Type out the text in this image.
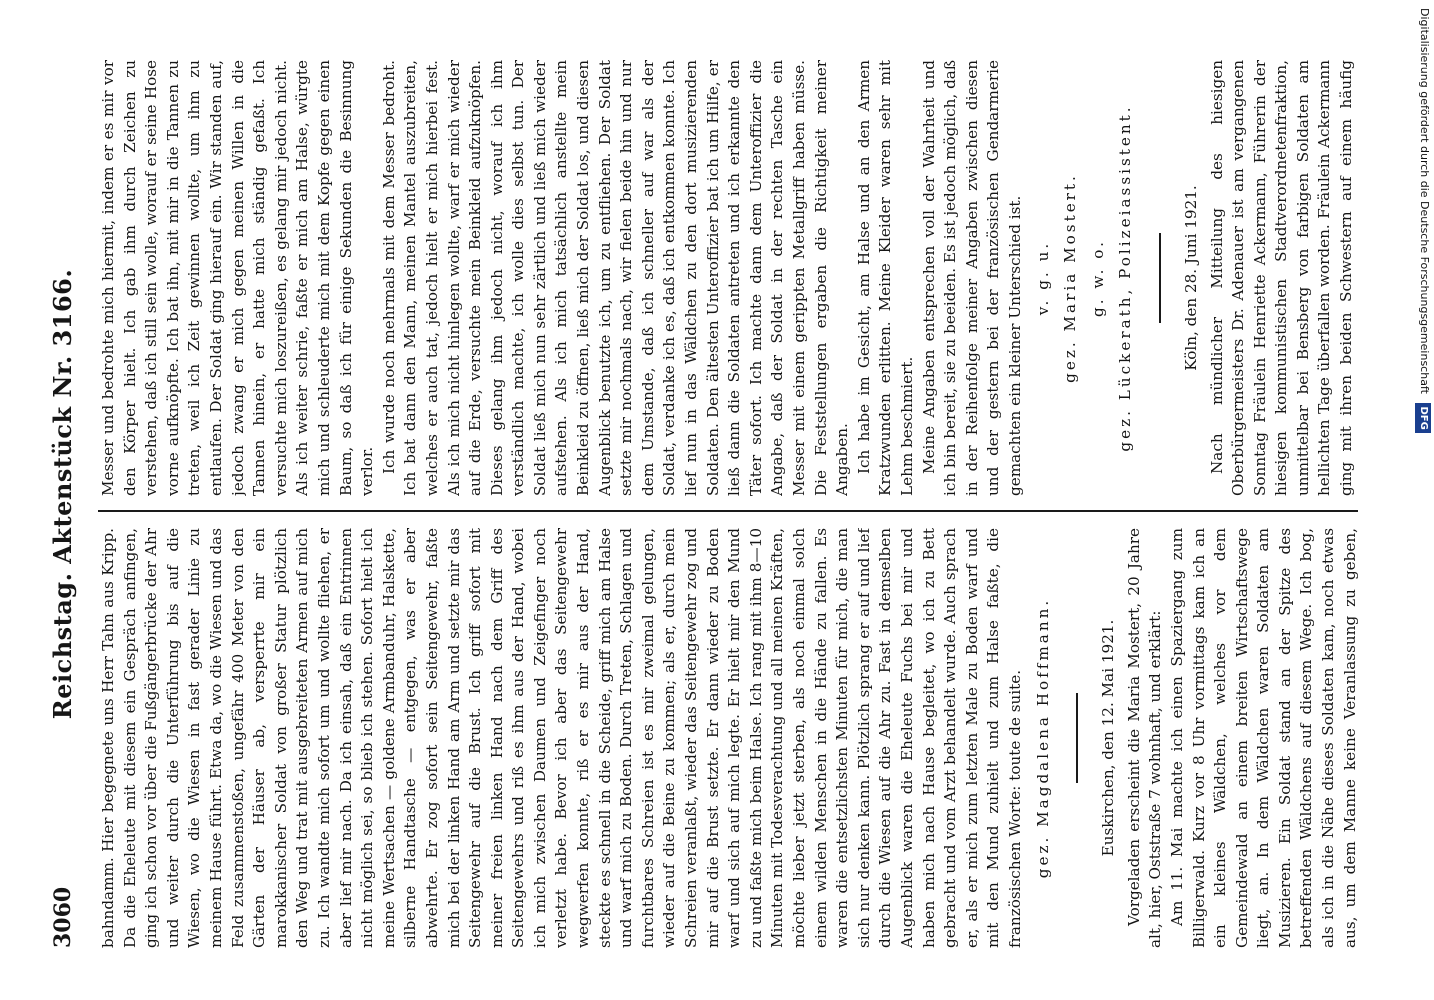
3060
Reichstag. Aktenstück Nr. 3166.

bahndamm. Hier begegnete uns Herr Tahn aus Kripp. Da die Eheleute mit diesem ein Gespräch anfingen, ging ich schon vor über die Fußgängerbrücke der Ahr und weiter durch die Unterführung bis auf die Wiesen, wo die Wiesen in fast gerader Linie zu meinem Hause führt. Etwa da, wo die Wiesen und das Feld zusammenstoßen, ungefähr 400 Meter von den Gärten der Häuser ab, versperrte mir ein marokkanischer Soldat von großer Statur plötzlich den Weg und trat mit ausgebreiteten Armen auf mich zu. Ich wandte mich sofort um und wollte fliehen, er aber lief mir nach. Da ich einsah, daß ein Entrinnen nicht möglich sei, so blieb ich stehen. Sofort hielt ich meine Wertsachen — goldene Armbanduhr, Halskette, silberne Handtasche — entgegen, was er aber abwehrte. Er zog sofort sein Seitengewehr, faßte mich bei der linken Hand am Arm und setzte mir das Seitengewehr auf die Brust. Ich griff sofort mit meiner freien linken Hand nach dem Griff des Seitengewehrs und riß es ihm aus der Hand, wobei ich mich zwischen Daumen und Zeigefinger noch verletzt habe. Bevor ich aber das Seitengewehr wegwerfen konnte, riß er es mir aus der Hand, steckte es schnell in die Scheide, griff mich am Halse und warf mich zu Boden. Durch Treten, Schlagen und furchtbares Schreien ist es mir zweimal gelungen, wieder auf die Beine zu kommen; als er, durch mein Schreien veranlaßt, wieder das Seitengewehr zog und mir auf die Brust setzte. Er dann wieder zu Boden warf und sich auf mich legte. Er hielt mir den Mund zu und faßte mich beim Halse. Ich rang mit ihm 8—10 Minuten mit Todesverachtung und all meinen Kräften, möchte lieber jetzt sterben, als noch einmal solch einem wilden Menschen in die Hände zu fallen. Es waren die entsetzlichsten Minuten für mich, die man sich nur denken kann. Plötzlich sprang er auf und lief durch die Wiesen auf die Ahr zu. Fast in demselben Augenblick waren die Eheleute Fuchs bei mir und haben mich nach Hause begleitet, wo ich zu Bett gebracht und vom Arzt behandelt wurde. Auch sprach er, als er mich zum letzten Male zu Boden warf und mit den Mund zuhielt und zum Halse faßte, die französischen Worte: toute de suite. gez. Magdalena Hoffmann.	Euskirchen, den 12. Mai 1921. Vorgeladen erscheint die Maria Mostert, 20 Jahre alt, hier, Oststraße 7 wohnhaft, und erklärt: Am 11. Mai machte ich einen Spaziergang zum Billigerwald. Kurz vor 8 Uhr vormittags kam ich an ein kleines Wäldchen, welches vor dem Gemeindewald an einem breiten Wirtschaftswege liegt, an. In dem Wäldchen waren Soldaten am Musizieren. Ein Soldat stand an der Spitze des betreffenden Wäldchens auf diesem Wege. Ich bog, als ich in die Nähe dieses Soldaten kam, noch etwas aus, um dem Manne keine Veranlassung zu geben,

Messer und bedrohte mich hiermit, indem er es mir vor den Körper hielt. Ich gab ihm durch Zeichen zu verstehen, daß ich still sein wolle, worauf er seine Hose vorne aufknöpfte. Ich bat ihn, mit mir in die Tannen zu treten, weil ich Zeit gewinnen wollte, um ihm zu entlaufen. Der Soldat ging hierauf ein. Wir standen auf, jedoch zwang er mich gegen meinen Willen in die Tannen hinein, er hatte mich ständig gefaßt. Ich versuchte mich loszureißen, es gelang mir jedoch nicht. Als ich weiter schrie, faßte er mich am Halse, würgte mich und schleuderte mich mit dem Kopfe gegen einen Baum, so daß ich für einige Sekunden die Besinnung verlor. Ich wurde noch mehrmals mit dem Messer bedroht. Ich bat dann den Mann, meinen Mantel auszubreiten, welches er auch tat, jedoch hielt er mich hierbei fest. Als ich mich nicht hinlegen wollte, warf er mich wieder auf die Erde, versuchte mein Beinkleid aufzuknöpfen. Dieses gelang ihm jedoch nicht, worauf ich ihm verständlich machte, ich wolle dies selbst tun. Der Soldat ließ mich nun sehr zärtlich und ließ mich wieder aufstehen. Als ich mich tatsächlich anstellte mein Beinkleid zu öffnen, ließ mich der Soldat los, und diesen Augenblick benutzte ich, um zu entfliehen. Der Soldat setzte mir nochmals nach, wir fielen beide hin und nur dem Umstande, daß ich schneller auf war als der Soldat, verdanke ich es, daß ich entkommen konnte. Ich lief nun in das Wäldchen zu den dort musizierenden Soldaten. Den ältesten Unteroffizier bat ich um Hilfe, er ließ dann die Soldaten antreten und ich erkannte den Täter sofort. Ich machte dann dem Unteroffizier die Angabe, daß der Soldat in der rechten Tasche ein Messer mit einem gerippten Metallgriff haben müsse. Die Feststellungen ergaben die Richtigkeit meiner Angaben. Ich habe im Gesicht, am Halse und an den Armen Kratzwunden erlitten. Meine Kleider waren sehr mit Lehm beschmiert. Meine Angaben entsprechen voll der Wahrheit und ich bin bereit, sie zu beeiden. Es ist jedoch möglich, daß in der Reihenfolge meiner Angaben zwischen diesen und der gestern bei der französischen Gendarmerie gemachten ein kleiner Unterschied ist. v. g. u. gez. Maria Mostert. g. w. o. gez. Lückerath, Polizeiassistent.	Köln, den 28. Juni 1921.

Nach mündlicher Mitteilung des hiesigen Oberbürgermeisters Dr. Adenauer ist am vergangenen Sonntag Fräulein Henriette Ackermann, Führerin der hiesigen kommunistischen Stadtverordnetenfraktion, unmittelbar bei Bensberg von farbigen Soldaten am hellichten Tage überfallen worden. Fräulein Ackermann ging mit ihren beiden Schwestern auf einem häufig	Digitalisierung gefördert durch die Deutsche Forschungsgemeinschaft DFG
